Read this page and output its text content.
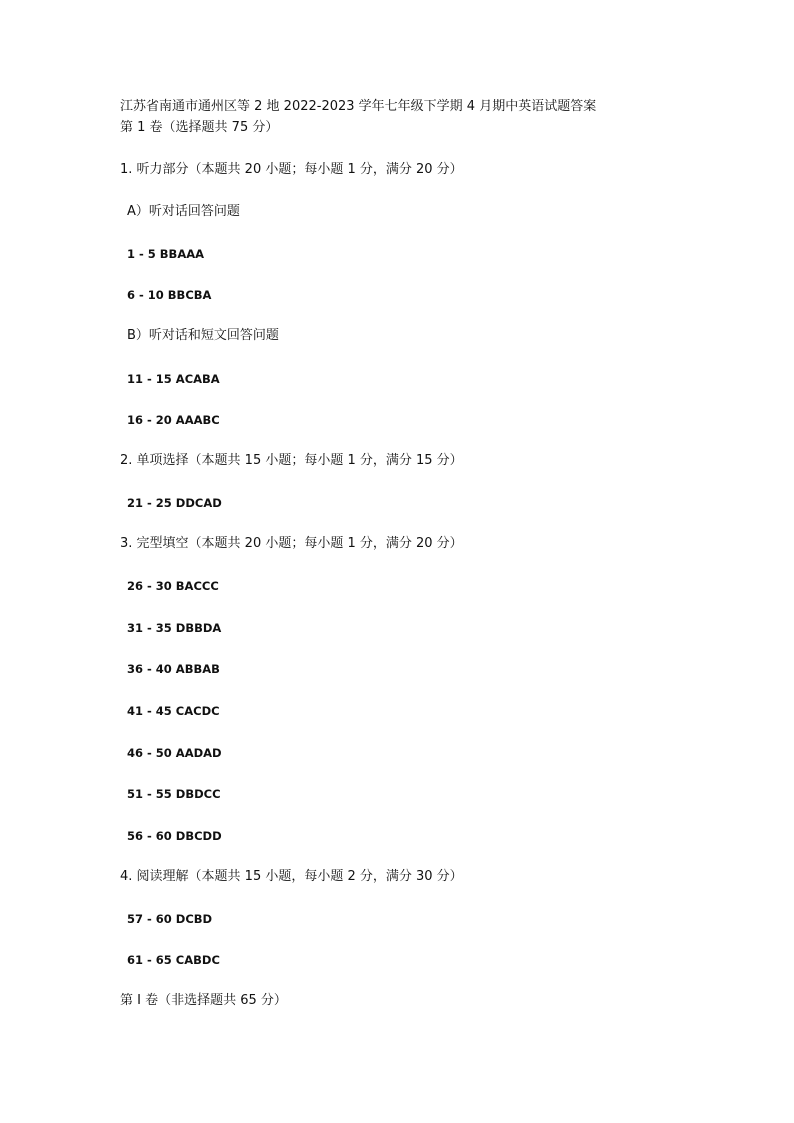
江苏省南通市通州区等 2 地 2022-2023 学年七年级下学期 4 月期中英语试题答案
第 1 卷（选择题共 75 分）
1. 听力部分（本题共 20 小题；每小题 1 分，满分 20 分）
A）听对话回答问题
1 - 5 BBAAA
6 - 10 BBCBA
B）听对话和短文回答问题
11 - 15 ACABA
16 - 20 AAABC
2. 单项选择（本题共 15 小题；每小题 1 分，满分 15 分）
21 - 25 DDCAD
3. 完型填空（本题共 20 小题；每小题 1 分，满分 20 分）
26 - 30 BACCC
31 - 35 DBBDA
36 - 40 ABBAB
41 - 45 CACDC
46 - 50 AADAD
51 - 55 DBDCC
56 - 60 DBCDD
4. 阅读理解（本题共 15 小题，每小题 2 分，满分 30 分）
57 - 60 DCBD
61 - 65 CABDC
第 I 卷（非选择题共 65 分）
